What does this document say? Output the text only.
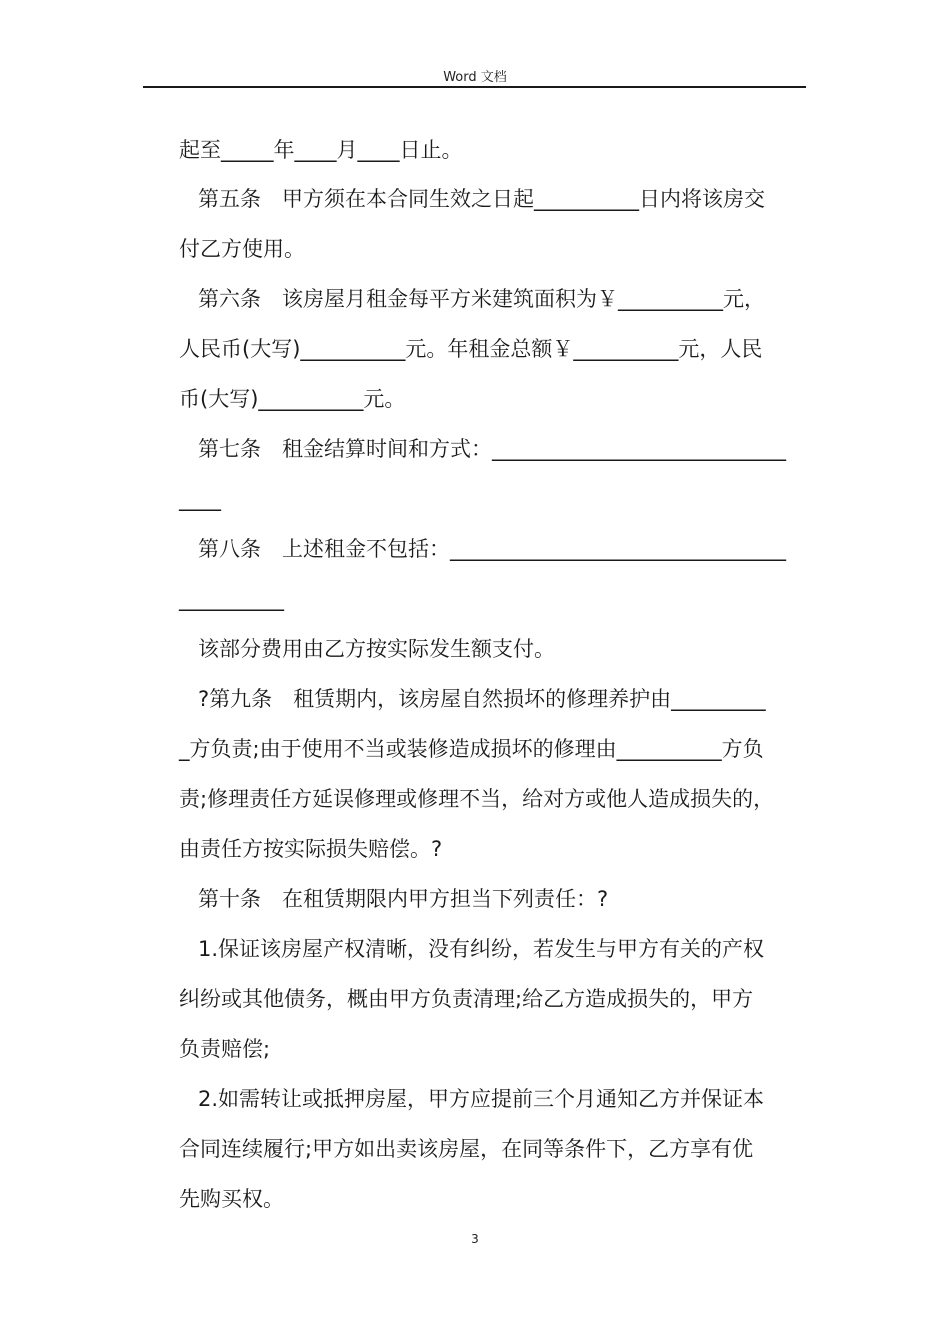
Word 文档
起至_____年____月____日止。
第五条　甲方须在本合同生效之日起__________日内将该房交
付乙方使用。
第六条　该房屋月租金每平方米建筑面积为￥__________元，
人民币(大写)__________元。年租金总额￥__________元，人民
币(大写)__________元。
第七条　租金结算时间和方式：____________________________
____
第八条　上述租金不包括：________________________________
__________
该部分费用由乙方按实际发生额支付。
?第九条　租赁期内，该房屋自然损坏的修理养护由_________
_方负责;由于使用不当或装修造成损坏的修理由__________方负
责;修理责任方延误修理或修理不当，给对方或他人造成损失的，
由责任方按实际损失赔偿。?
第十条　在租赁期限内甲方担当下列责任：?
1.保证该房屋产权清晰，没有纠纷，若发生与甲方有关的产权
纠纷或其他债务，概由甲方负责清理;给乙方造成损失的，甲方
负责赔偿;
2.如需转让或抵押房屋，甲方应提前三个月通知乙方并保证本
合同连续履行;甲方如出卖该房屋，在同等条件下，乙方享有优
先购买权。
3
